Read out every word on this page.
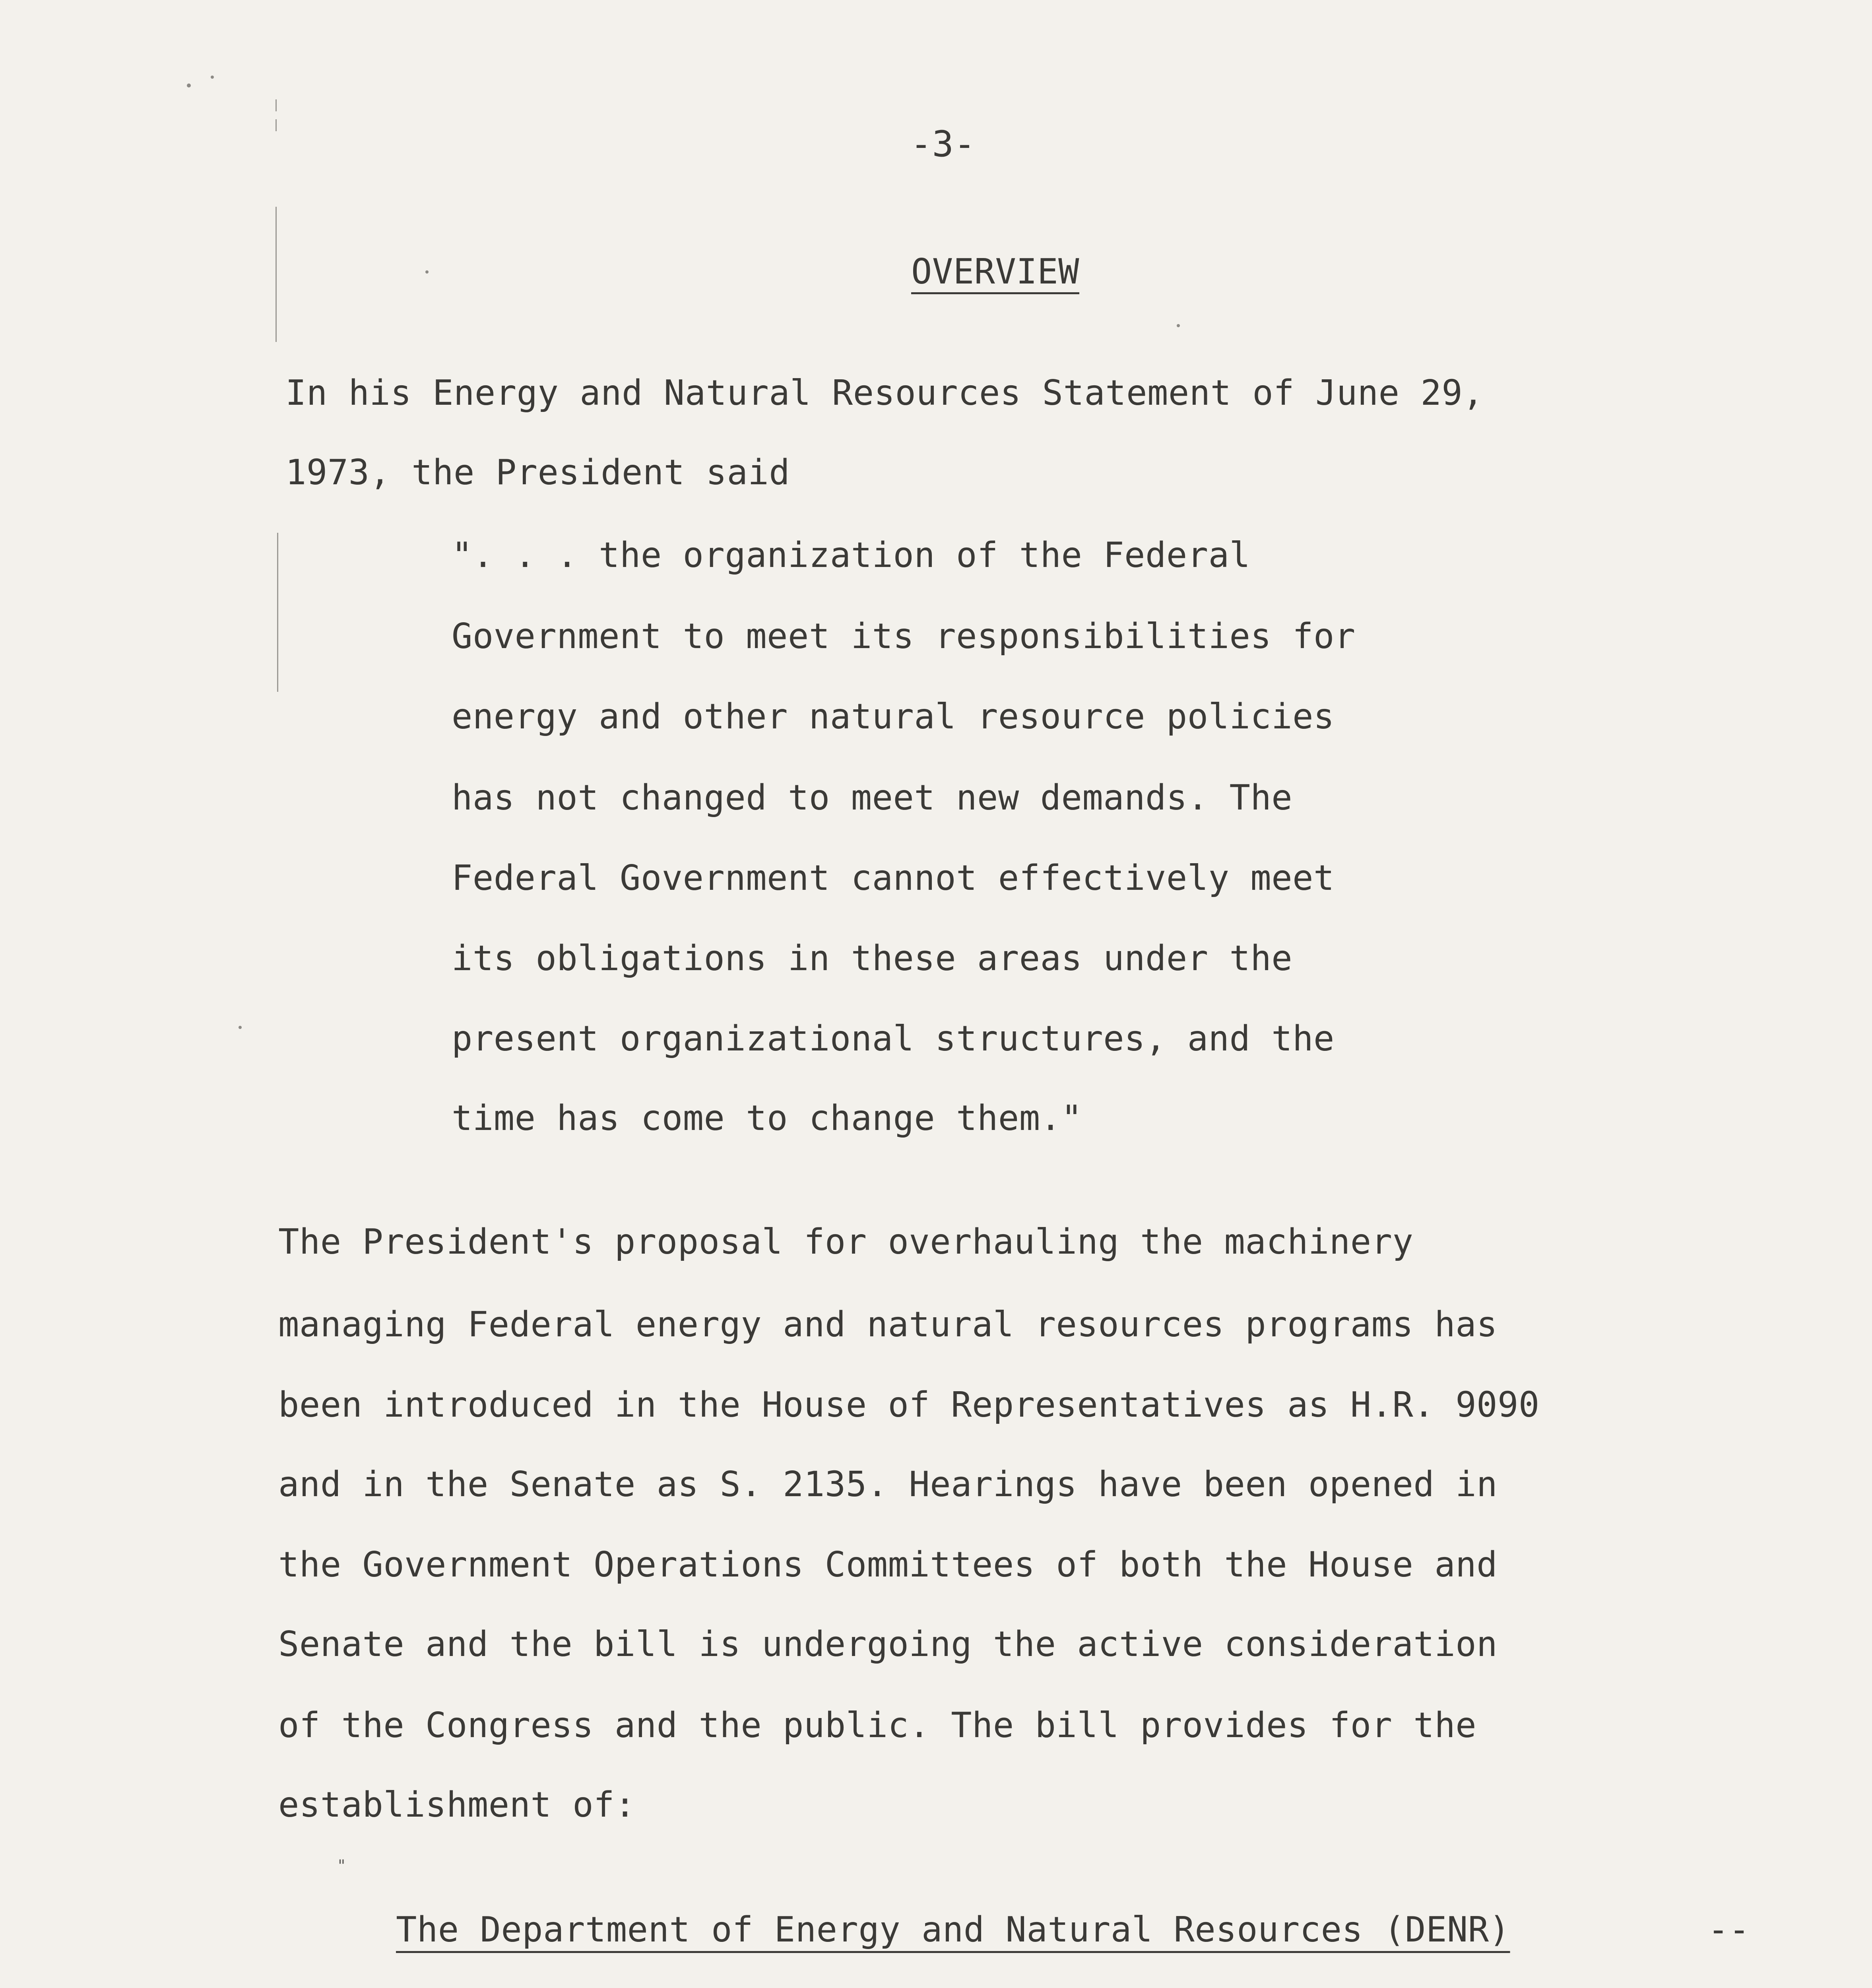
-3-
OVERVIEW
In his Energy and Natural Resources Statement of June 29,
1973, the President said
". . . the organization of the Federal
Government to meet its responsibilities for
energy and other natural resource policies
has not changed to meet new demands. The
Federal Government cannot effectively meet
its obligations in these areas under the
present organizational structures, and the
time has come to change them."
The President's proposal for overhauling the machinery
managing Federal energy and natural resources programs has
been introduced in the House of Representatives as H.R. 9090
and in the Senate as S. 2135. Hearings have been opened in
the Government Operations Committees of both the House and
Senate and the bill is undergoing the active consideration
of the Congress and the public. The bill provides for the
establishment of:
"
The Department of Energy and Natural Resources (DENR)	--
